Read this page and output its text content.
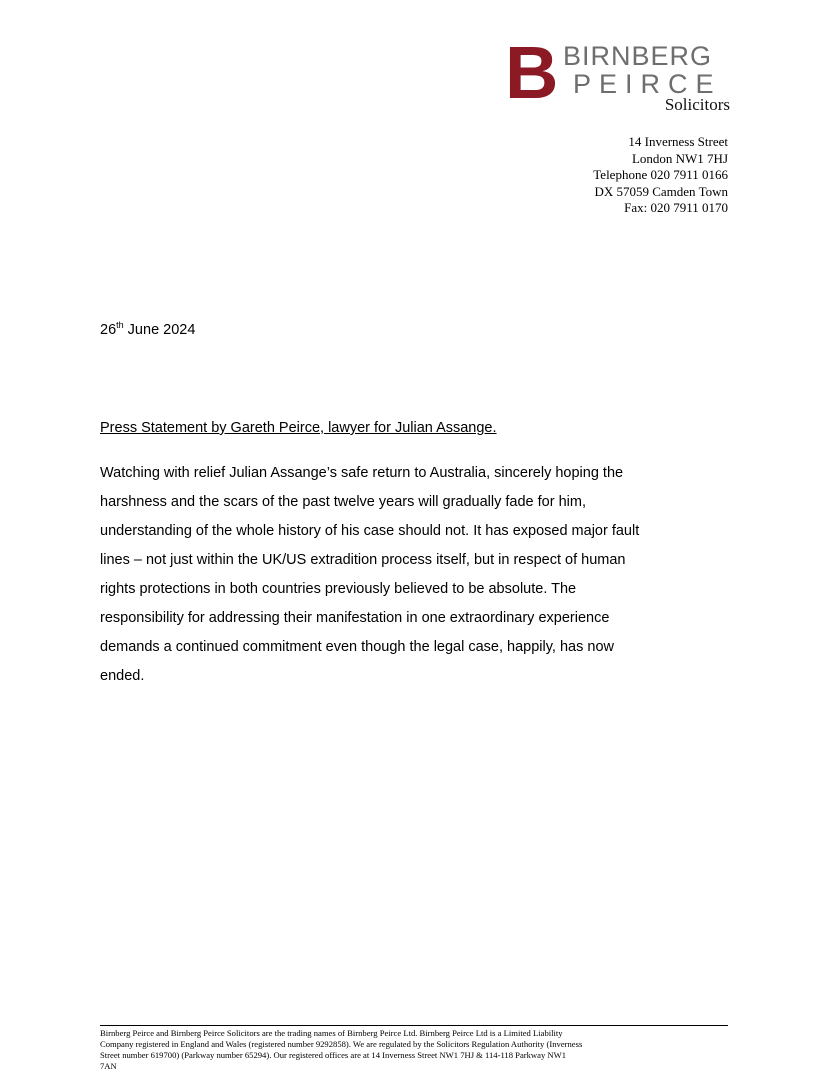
B BIRNBERG
PEIRCE
Solicitors
14 Inverness Street
London NW1 7HJ
Telephone 020 7911 0166
DX 57059 Camden Town
Fax: 020 7911 0170
26th June 2024
Press Statement by Gareth Peirce, lawyer for Julian Assange.
Watching with relief Julian Assange’s safe return to Australia, sincerely hoping the
harshness and the scars of the past twelve years will gradually fade for him,
understanding of the whole history of his case should not. It has exposed major fault
lines – not just within the UK/US extradition process itself, but in respect of human
rights protections in both countries previously believed to be absolute. The
responsibility for addressing their manifestation in one extraordinary experience
demands a continued commitment even though the legal case, happily, has now
ended.
Birnberg Peirce and Birnberg Peirce Solicitors are the trading names of Birnberg Peirce Ltd. Birnberg Peirce Ltd is a Limited Liability
Company registered in England and Wales (registered number 9292858). We are regulated by the Solicitors Regulation Authority (Inverness
Street number 619700) (Parkway number 65294). Our registered offices are at 14 Inverness Street NW1 7HJ & 114-118 Parkway NW1
7AN
